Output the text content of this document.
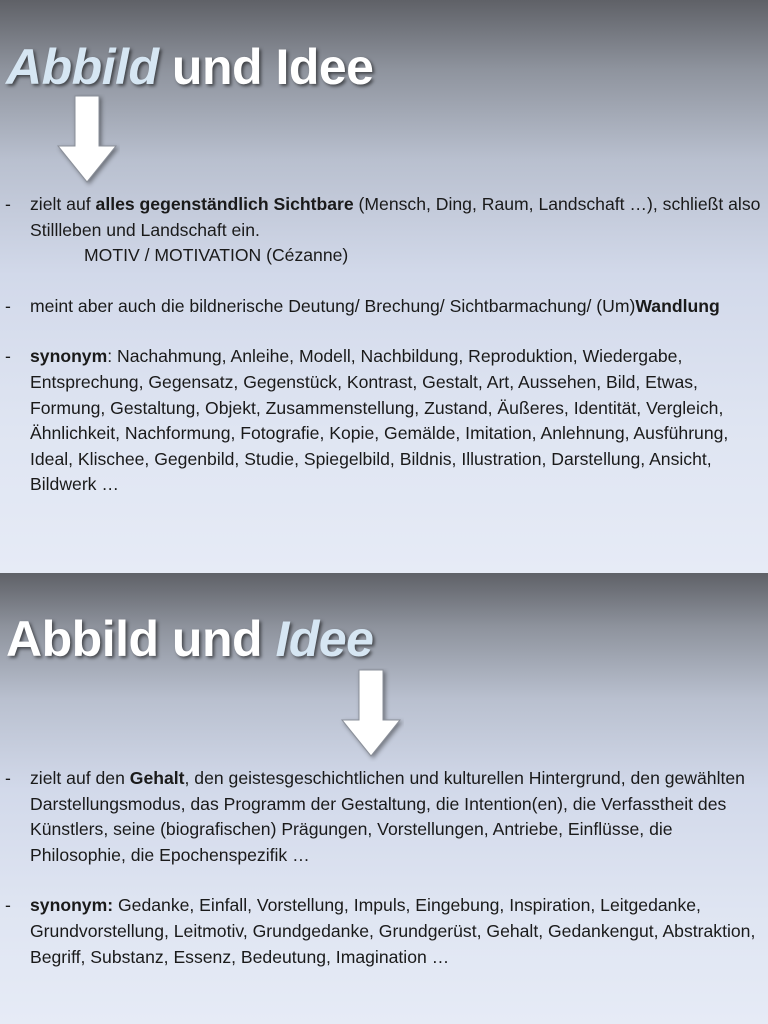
Abbild und Idee
- zielt auf alles gegenständlich Sichtbare (Mensch, Ding, Raum, Landschaft …), schließt also Stillleben und Landschaft ein.
MOTIV / MOTIVATION (Cézanne)
- meint aber auch die bildnerische Deutung/ Brechung/ Sichtbarmachung/ (Um)Wandlung
- synonym: Nachahmung, Anleihe, Modell, Nachbildung, Reproduktion, Wiedergabe, Entsprechung, Gegensatz, Gegenstück, Kontrast, Gestalt, Art, Aussehen, Bild, Etwas, Formung, Gestaltung, Objekt, Zusammenstellung, Zustand, Äußeres, Identität, Vergleich, Ähnlichkeit, Nachformung, Fotografie, Kopie, Gemälde, Imitation, Anlehnung, Ausführung, Ideal, Klischee, Gegenbild, Studie, Spiegelbild, Bildnis, Illustration, Darstellung, Ansicht, Bildwerk …
Abbild und Idee
- zielt auf den Gehalt, den geistesgeschichtlichen und kulturellen Hintergrund, den gewählten Darstellungsmodus, das Programm der Gestaltung, die Intention(en), die Verfasstheit des Künstlers, seine (biografischen) Prägungen, Vorstellungen, Antriebe, Einflüsse, die Philosophie, die Epochenspezifik …
- synonym: Gedanke, Einfall, Vorstellung, Impuls, Eingebung, Inspiration, Leitgedanke, Grundvorstellung, Leitmotiv, Grundgedanke, Grundgerüst, Gehalt, Gedankengut, Abstraktion, Begriff, Substanz, Essenz, Bedeutung, Imagination …
